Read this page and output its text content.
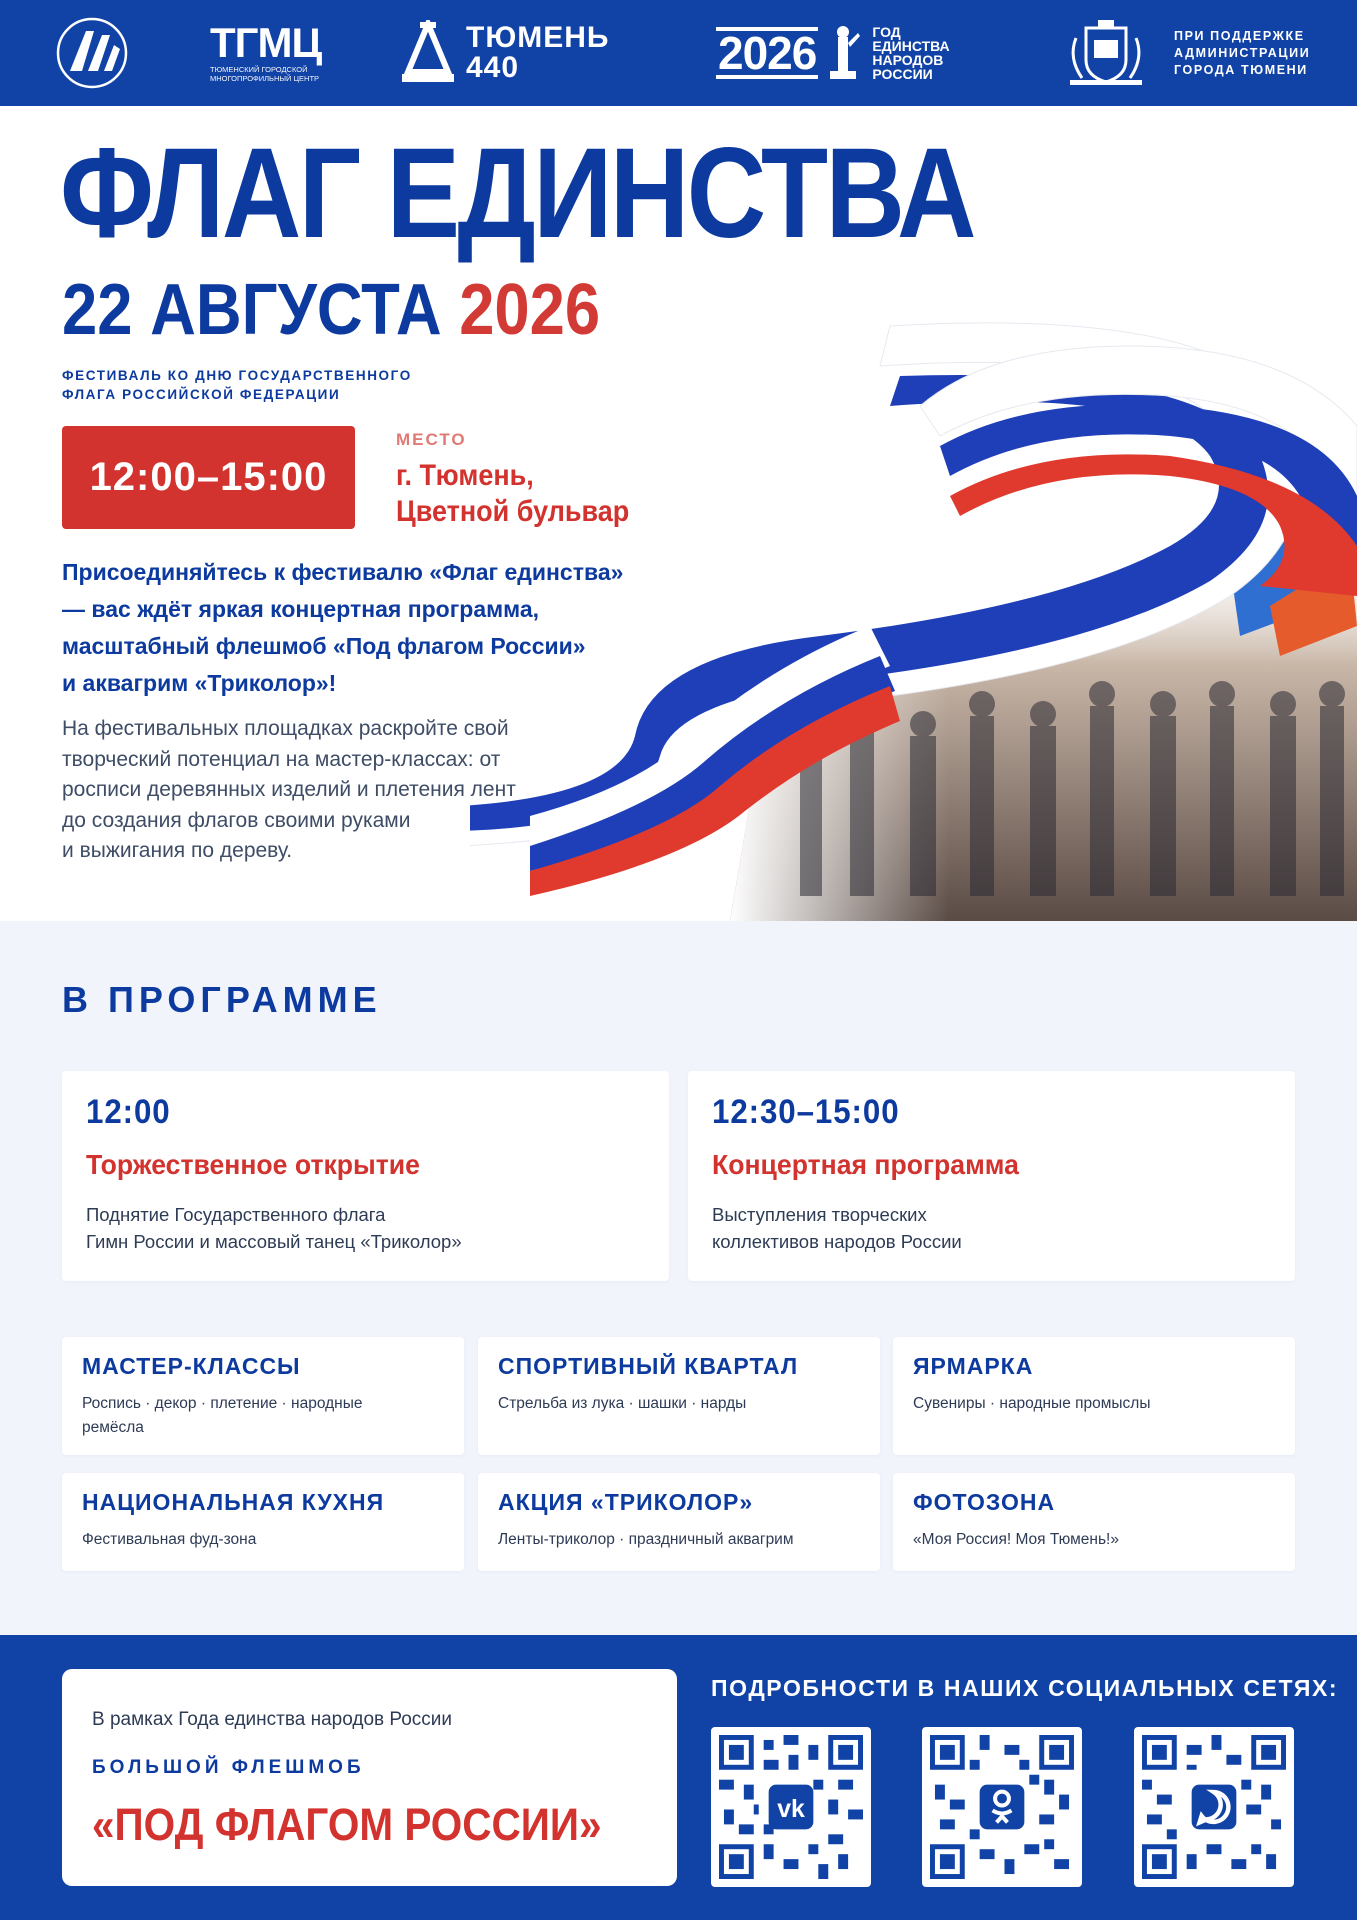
ТГМЦ
ТЮМЕНСКИЙ ГОРОДСКОЙ МНОГОПРОФИЛЬНЫЙ ЦЕНТР
ТЮМЕНЬ
440	2026	ГОД
ЕДИНСТВА
НАРОДОВ
РОССИИ
ПРИ ПОДДЕРЖКЕ
АДМИНИСТРАЦИИ
ГОРОДА ТЮМЕНИ
ФЛАГ ЕДИНСТВА
22 АВГУСТА 2026
ФЕСТИВАЛЬ КО ДНЮ ГОСУДАРСТВЕННОГО
ФЛАГА РОССИЙСКОЙ ФЕДЕРАЦИИ
12:00–15:00
МЕСТО
г. Тюмень,
Цветной бульвар
Присоединяйтесь к фестивалю «Флаг единства»
— вас ждёт яркая концертная программа,
масштабный флешмоб «Под флагом России»
и аквагрим «Триколор»!
На фестивальных площадках раскройте свой
творческий потенциал на мастер-классах: от
росписи деревянных изделий и плетения лент
до создания флагов своими руками
и выжигания по дереву.
В ПРОГРАММЕ
12:00
Торжественное открытие
Поднятие Государственного флага
Гимн России и массовый танец «Триколор»
12:30–15:00
Концертная программа
Выступления творческих
коллективов народов России
МАСТЕР-КЛАССЫ
Роспись · декор · плетение · народные ремёсла
СПОРТИВНЫЙ КВАРТАЛ
Стрельба из лука · шашки · нарды
ЯРМАРКА
Сувениры · народные промыслы
НАЦИОНАЛЬНАЯ КУХНЯ
Фестивальная фуд-зона
АКЦИЯ «ТРИКОЛОР»
Ленты-триколор · праздничный аквагрим
ФОТОЗОНА
«Моя Россия! Моя Тюмень!»
В рамках Года единства народов России
БОЛЬШОЙ ФЛЕШМОБ
«ПОД ФЛАГОМ РОССИИ»
ПОДРОБНОСТИ В НАШИХ СОЦИАЛЬНЫХ СЕТЯХ:
vk
